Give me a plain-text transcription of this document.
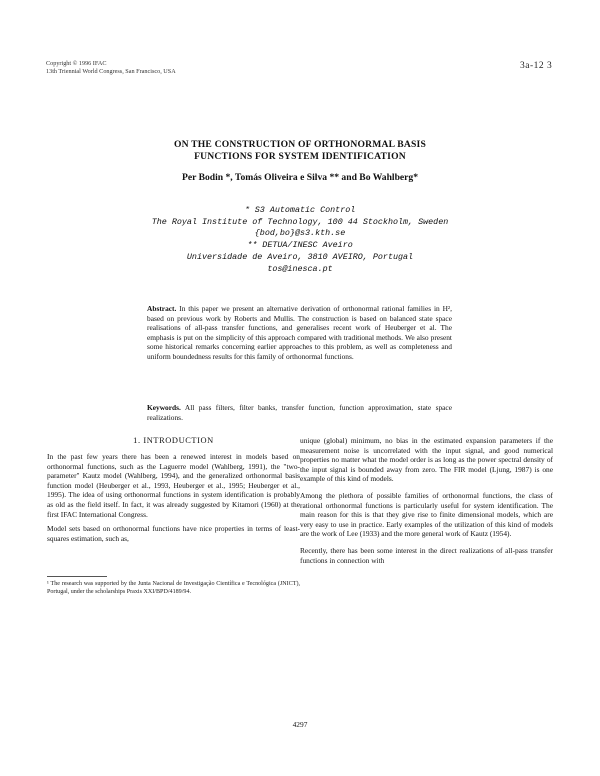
Copyright © 1996 IFAC
13th Triennial World Congress, San Francisco, USA
3a-12 3
ON THE CONSTRUCTION OF ORTHONORMAL BASIS
FUNCTIONS FOR SYSTEM IDENTIFICATION
Per Bodin *, Tomás Oliveira e Silva ** and Bo Wahlberg*
* S3 Automatic Control
The Royal Institute of Technology, 100 44 Stockholm, Sweden
{bod,bo}@s3.kth.se
** DETUA/INESC Aveiro
Universidade de Aveiro, 3810 AVEIRO, Portugal
tos@inesca.pt
Abstract. In this paper we present an alternative derivation of orthonormal rational families in H², based on previous work by Roberts and Mullis. The construction is based on balanced state space realisations of all-pass transfer functions, and generalises recent work of Heuberger et al. The emphasis is put on the simplicity of this approach compared with traditional methods. We also present some historical remarks concerning earlier approaches to this problem, as well as completeness and uniform boundedness results for this family of orthonormal functions.
Keywords. All pass filters, filter banks, transfer function, function approximation, state space realizations.
1. INTRODUCTION

In the past few years there has been a renewed interest in models based on orthonormal functions, such as the Laguerre model (Wahlberg, 1991), the "two-parameter" Kautz model (Wahlberg, 1994), and the generalized orthonormal basis function model (Heuberger et al., 1993, Heuberger et al., 1995; Heuberger et al., 1995). The idea of using orthonormal functions in system identification is probably as old as the field itself. In fact, it was already suggested by Kitamori (1960) at the first IFAC International Congress.

Model sets based on orthonormal functions have nice properties in terms of least-squares estimation, such as,

¹ The research was supported by the Junta Nacional de Investigação Científica e Tecnológica (JNICT), Portugal, under the scholarships Praxis XXI/BPD/4189/94.

unique (global) minimum, no bias in the estimated expansion parameters if the measurement noise is uncorrelated with the input signal, and good numerical properties no matter what the model order is as long as the power spectral density of the input signal is bounded away from zero. The FIR model (Ljung, 1987) is one example of this kind of models.

Among the plethora of possible families of orthonormal functions, the class of rational orthonormal functions is particularly useful for system identification. The main reason for this is that they give rise to finite dimensional models, which are very easy to use in practice. Early examples of the utilization of this kind of models are the work of Lee (1933) and the more general work of Kautz (1954).

Recently, there has been some interest in the direct realizations of all-pass transfer functions in connection with

4297
